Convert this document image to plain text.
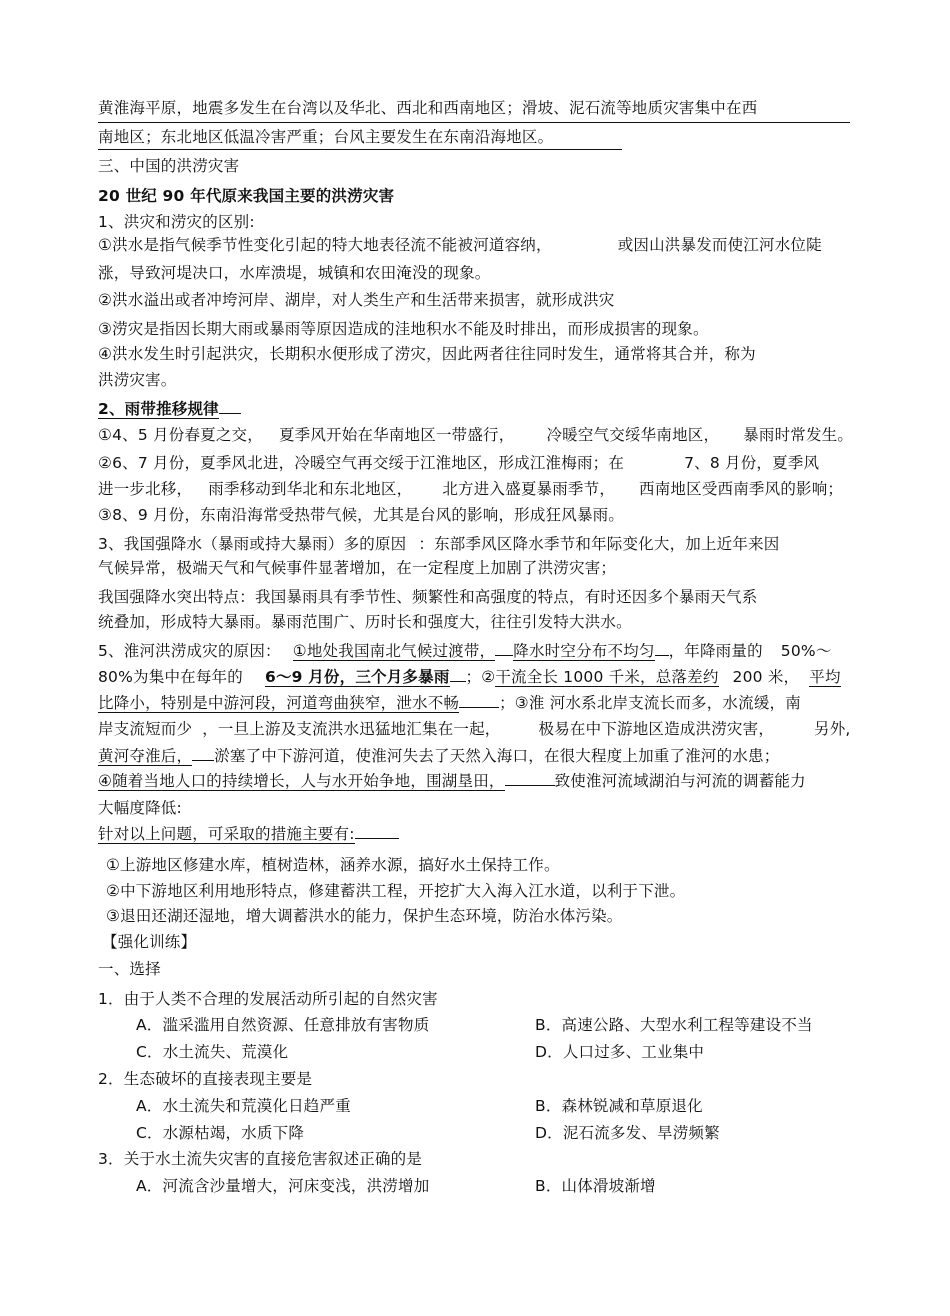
黄淮海平原，地震多发生在台湾以及华北、西北和西南地区；滑坡、泥石流等地质灾害集中在西
南地区；东北地区低温冷害严重；台风主要发生在东南沿海地区。
三、中国的洪涝灾害
20 世纪 90 年代原来我国主要的洪涝灾害
1、洪灾和涝灾的区别:
①洪水是指气候季节性变化引起的特大地表径流不能被河道容纳，	或因山洪暴发而使江河水位陡
涨，导致河堤决口，水库溃堤，城镇和农田淹没的现象。
②洪水溢出或者冲垮河岸、湖岸，对人类生产和生活带来损害，就形成洪灾
③涝灾是指因长期大雨或暴雨等原因造成的洼地积水不能及时排出，而形成损害的现象。
④洪水发生时引起洪灾，长期积水便形成了涝灾，因此两者往往同时发生，通常将其合并，称为
洪涝灾害。
2、雨带推移规律
①4、5 月份春夏之交， 夏季风开始在华南地区一带盛行， 冷暖空气交绥华南地区， 暴雨时常发生。
②6、7 月份，夏季风北进，冷暖空气再交绥于江淮地区，形成江淮梅雨；在	7、8 月份，夏季风
进一步北移， 雨季移动到华北和东北地区， 北方进入盛夏暴雨季节， 西南地区受西南季风的影响；
③8、9 月份，东南沿海常受热带气候，尤其是台风的影响，形成狂风暴雨。
3、我国强降水（暴雨或持大暴雨）多的原因 ：东部季风区降水季节和年际变化大，加上近年来因
气候异常，极端天气和气候事件显著增加，在一定程度上加剧了洪涝灾害；
我国强降水突出特点：我国暴雨具有季节性、频繁性和高强度的特点，有时还因多个暴雨天气系
统叠加，形成特大暴雨。暴雨范围广、历时长和强度大，往往引发特大洪水。
5、淮河洪涝成灾的原因： ①地处我国南北气候过渡带， 降水时空分布不均匀 ，年降雨量的 50%～
80%为集中在每年的 6～9 月份，三个月多暴雨 ；②干流全长 1000 千米，总落差约 200 米， 平均
比降小，特别是中游河段，河道弯曲狭窄，泄水不畅	；③淮 河水系北岸支流长而多，水流缓，南
岸支流短而少 ，一旦上游及支流洪水迅猛地汇集在一起， 极易在中下游地区造成洪涝灾害，	另外,
黄河夺淮后， 淤塞了中下游河道，使淮河失去了天然入海口，在很大程度上加重了淮河的水患；
④随着当地人口的持续增长，人与水开始争地，围湖垦田，	致使淮河流域湖泊与河流的调蓄能力
大幅度降低:
针对以上问题，可采取的措施主要有:
①上游地区修建水库，植树造林，涵养水源，搞好水土保持工作。
②中下游地区利用地形特点，修建蓄洪工程，开挖扩大入海入江水道，以利于下泄。
③退田还湖还湿地，增大调蓄洪水的能力，保护生态环境，防治水体污染。
【强化训练】
一、选择
1．由于人类不合理的发展活动所引起的自然灾害
A．滥采滥用自然资源、任意排放有害物质	B．高速公路、大型水利工程等建设不当
C．水土流失、荒漠化	D．人口过多、工业集中
2．生态破坏的直接表现主要是
A．水土流失和荒漠化日趋严重	B．森林锐减和草原退化
C．水源枯竭，水质下降	D．泥石流多发、旱涝频繁
3．关于水土流失灾害的直接危害叙述正确的是
A．河流含沙量增大，河床变浅，洪涝增加	B．山体滑坡渐增
